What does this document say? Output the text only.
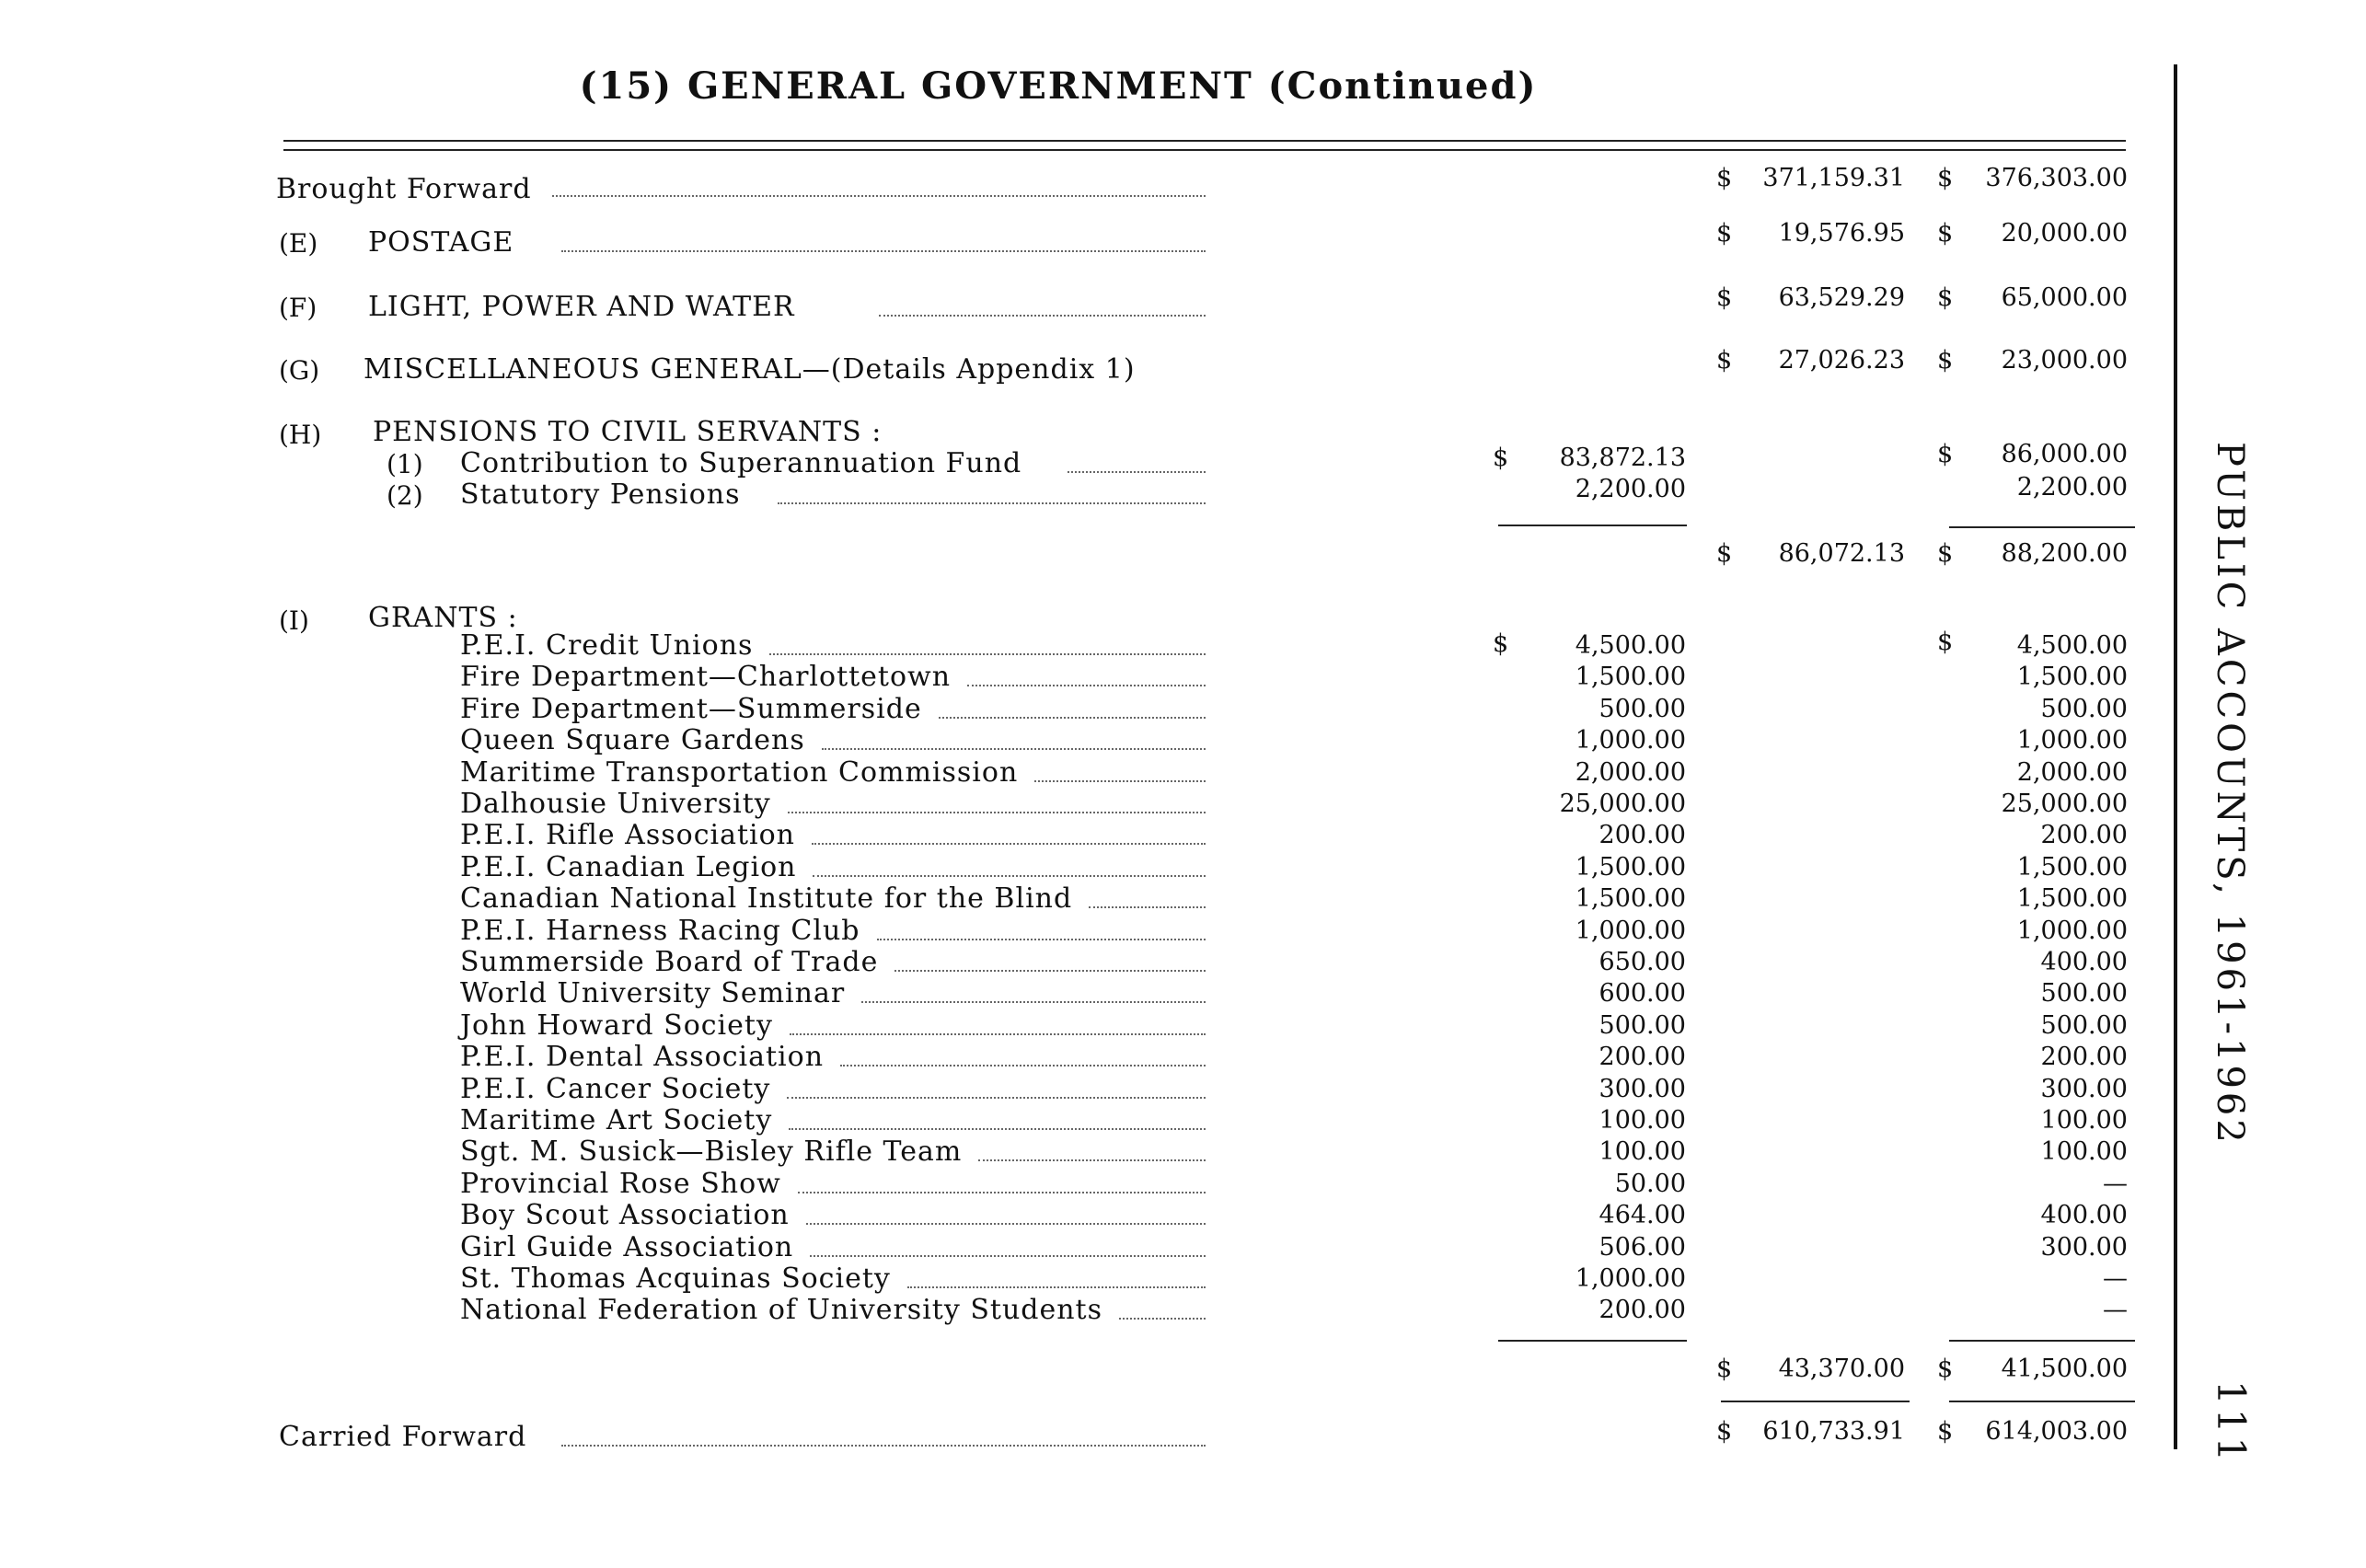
(15) GENERAL GOVERNMENT (Continued)
Brought Forward	$	371,159.31 $	376,303.00
(E) POSTAGE	$	19,576.95 $	20,000.00
(F) LIGHT, POWER AND WATER	$	63,529.29 $	65,000.00
(G) MISCELLANEOUS GENERAL—(Details Appendix 1)	$	27,026.23 $	23,000.00
(H) PENSIONS TO CIVIL SERVANTS :
(1) Contribution to Superannuation Fund	$	83,872.13	$	86,000.00
(2) Statutory Pensions	2,200.00	2,200.00
$	86,072.13 $	88,200.00
(I) GRANTS :
$	$
P.E.I. Credit Unions	4,500.00	4,500.00
Fire Department—Charlottetown	1,500.00	1,500.00
Fire Department—Summerside	500.00	500.00
Queen Square Gardens	1,000.00	1,000.00
Maritime Transportation Commission	2,000.00	2,000.00
Dalhousie University	25,000.00	25,000.00
P.E.I. Rifle Association	200.00	200.00
P.E.I. Canadian Legion	1,500.00	1,500.00
Canadian National Institute for the Blind	1,500.00	1,500.00
P.E.I. Harness Racing Club	1,000.00	1,000.00
Summerside Board of Trade	650.00	400.00
World University Seminar	600.00	500.00
John Howard Society	500.00	500.00
P.E.I. Dental Association	200.00	200.00
P.E.I. Cancer Society	300.00	300.00
Maritime Art Society	100.00	100.00
Sgt. M. Susick—Bisley Rifle Team	100.00	100.00
Provincial Rose Show	50.00	—
Boy Scout Association	464.00	400.00
Girl Guide Association	506.00	300.00
St. Thomas Acquinas Society	1,000.00	—
National Federation of University Students	200.00	—
$	43,370.00 $	41,500.00
Carried Forward	$	610,733.91 $	614,003.00
PUBLIC ACCOUNTS, 1961-1962
111
